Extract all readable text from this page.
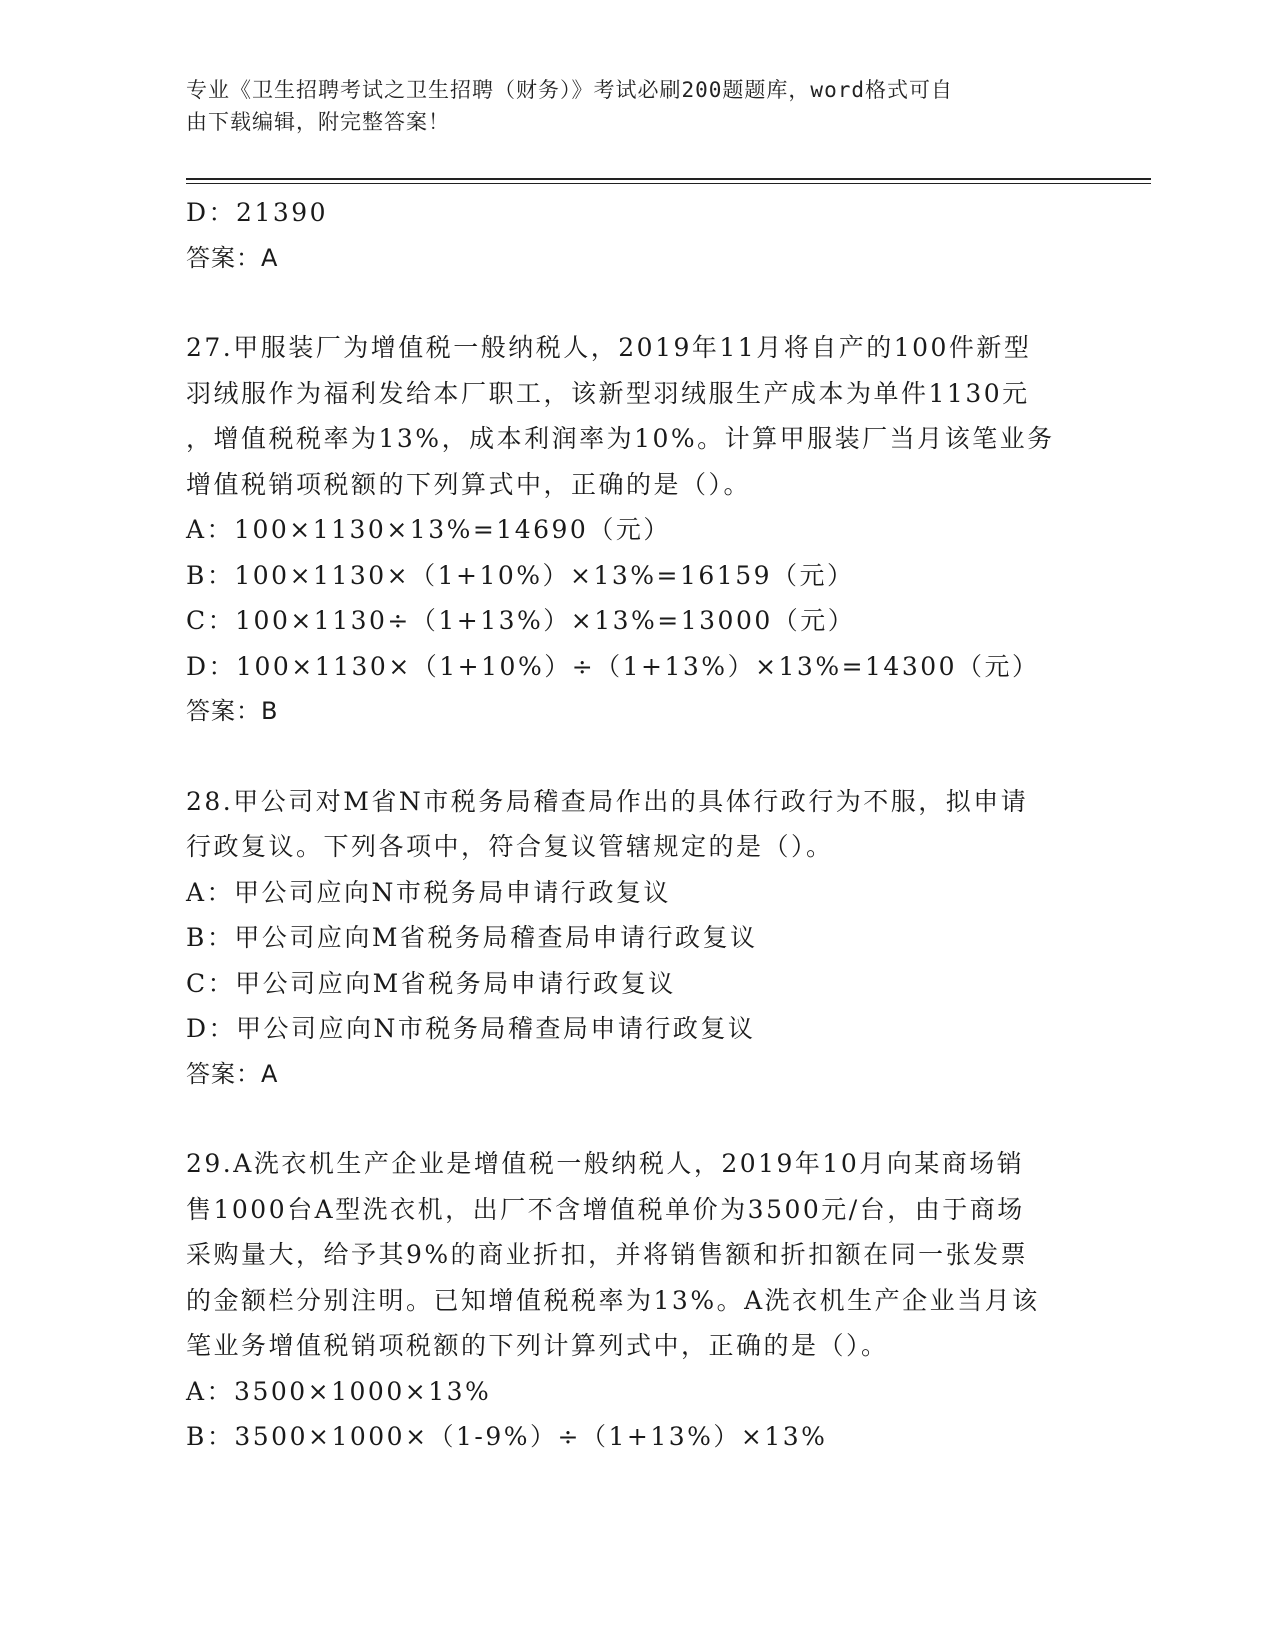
专业《卫生招聘考试之卫生招聘（财务）》考试必刷200题题库，word格式可自
由下载编辑，附完整答案！
D：21390
答案：A
27.甲服装厂为增值税一般纳税人，2019年11月将自产的100件新型
羽绒服作为福利发给本厂职工，该新型羽绒服生产成本为单件1130元
，增值税税率为13%，成本利润率为10%。计算甲服装厂当月该笔业务
增值税销项税额的下列算式中，正确的是（）。
A：100×1130×13%=14690（元）
B：100×1130×（1+10%）×13%=16159（元）
C：100×1130÷（1+13%）×13%=13000（元）
D：100×1130×（1+10%）÷（1+13%）×13%=14300（元）
答案：B
28.甲公司对M省N市税务局稽查局作出的具体行政行为不服，拟申请
行政复议。下列各项中，符合复议管辖规定的是（）。
A：甲公司应向N市税务局申请行政复议
B：甲公司应向M省税务局稽查局申请行政复议
C：甲公司应向M省税务局申请行政复议
D：甲公司应向N市税务局稽查局申请行政复议
答案：A
29.A洗衣机生产企业是增值税一般纳税人，2019年10月向某商场销
售1000台A型洗衣机，出厂不含增值税单价为3500元/台，由于商场
采购量大，给予其9%的商业折扣，并将销售额和折扣额在同一张发票
的金额栏分别注明。已知增值税税率为13%。A洗衣机生产企业当月该
笔业务增值税销项税额的下列计算列式中，正确的是（）。
A：3500×1000×13%
B：3500×1000×（1-9%）÷（1+13%）×13%
